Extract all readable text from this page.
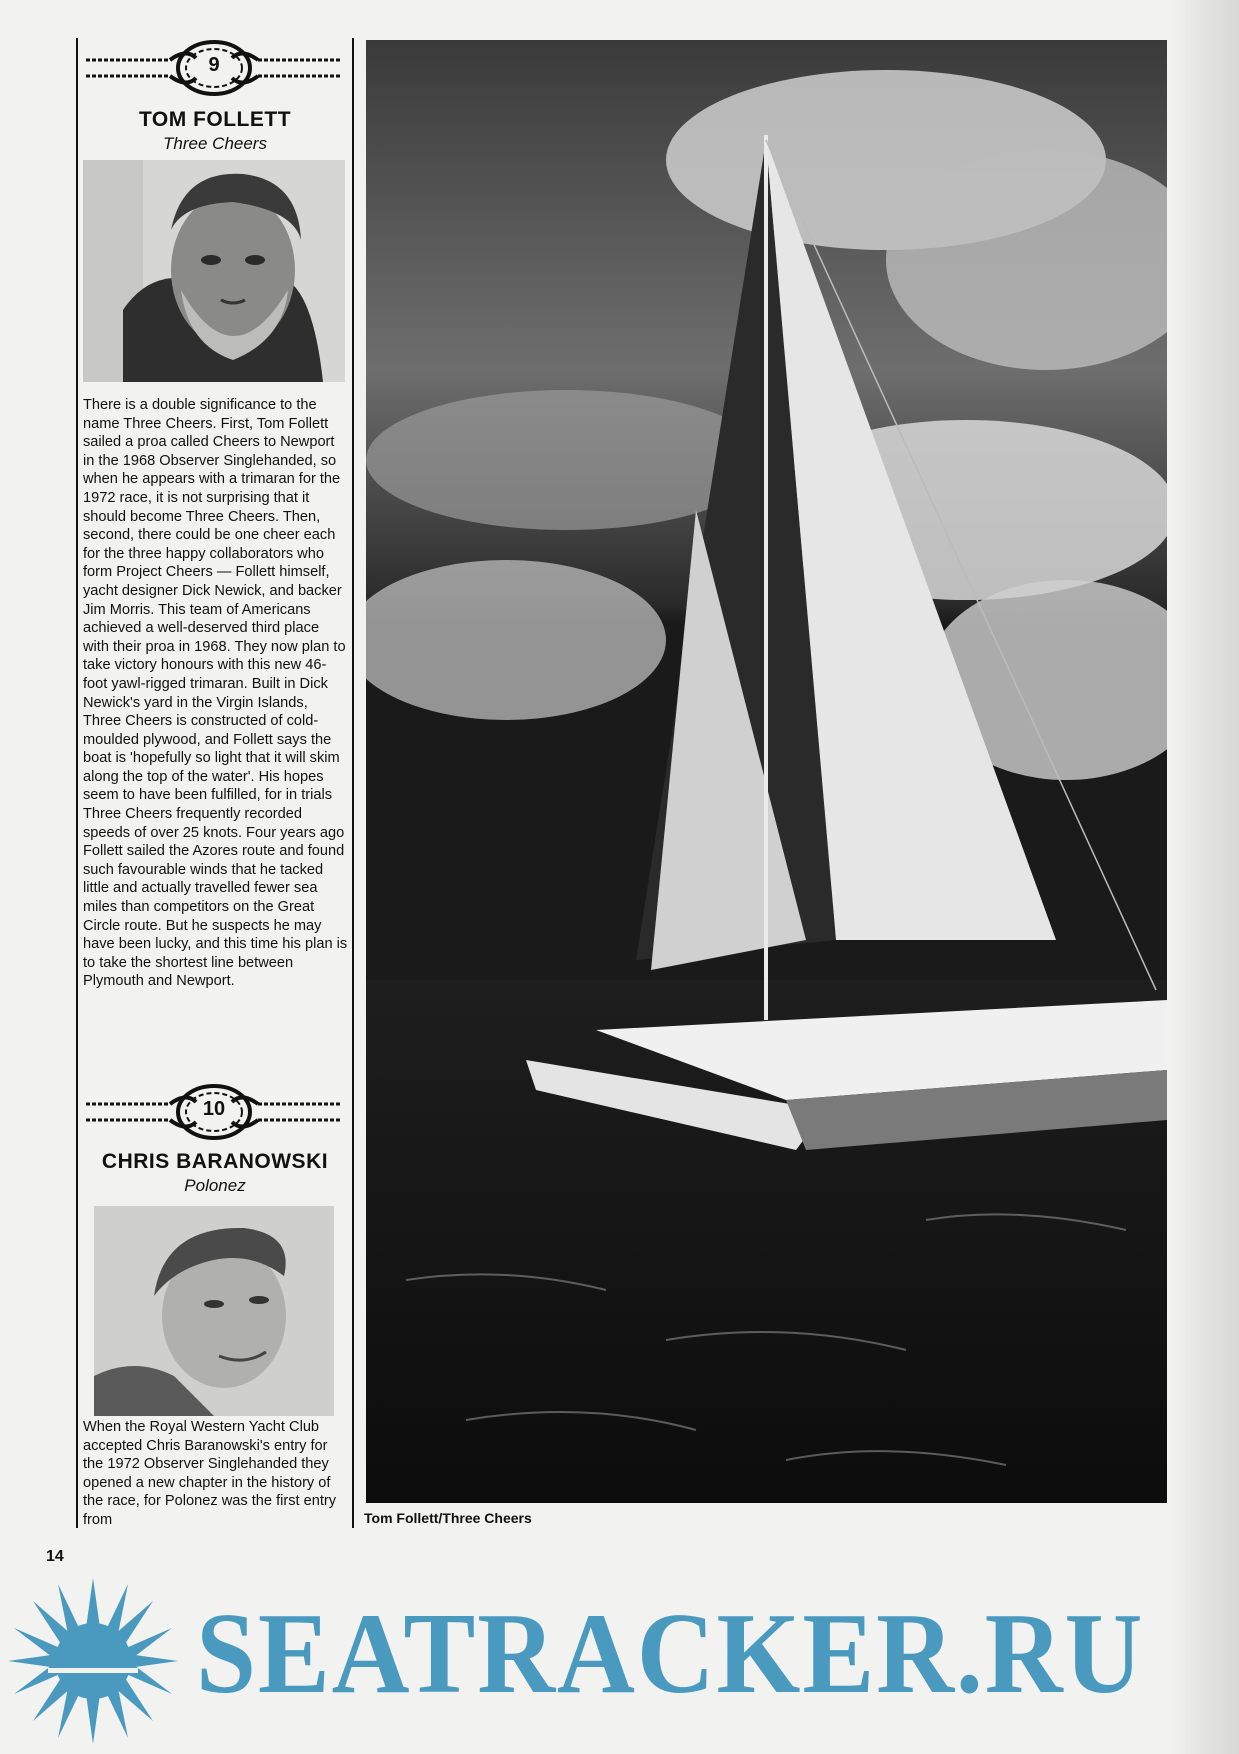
9
TOM FOLLETT
Three Cheers

There is a double significance to the name Three Cheers. First, Tom Follett sailed a proa called Cheers to Newport in the 1968 Observer Singlehanded, so when he appears with a trimaran for the 1972 race, it is not surprising that it should become Three Cheers. Then, second, there could be one cheer each for the three happy collaborators who form Project Cheers — Follett himself, yacht designer Dick Newick, and backer Jim Morris. This team of Americans achieved a well-deserved third place with their proa in 1968. They now plan to take victory honours with this new 46-foot yawl-rigged trimaran. Built in Dick Newick's yard in the Virgin Islands, Three Cheers is constructed of cold-moulded plywood, and Follett says the boat is 'hopefully so light that it will skim along the top of the water'. His hopes seem to have been fulfilled, for in trials Three Cheers frequently recorded speeds of over 25 knots. Four years ago Follett sailed the Azores route and found such favourable winds that he tacked little and actually travelled fewer sea miles than competitors on the Great Circle route. But he suspects he may have been lucky, and this time his plan is to take the shortest line between Plymouth and Newport.

10
CHRIS BARANOWSKI
Polonez

When the Royal Western Yacht Club accepted Chris Baranowski's entry for the 1972 Observer Singlehanded they opened a new chapter in the history of the race, for Polonez was the first entry from	Tom Follett/Three Cheers
14
SEATRACKER.RU
